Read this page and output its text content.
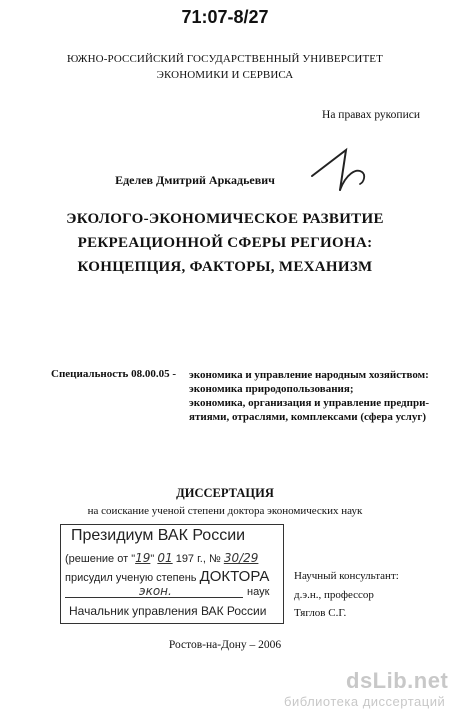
71:07-8/27
ЮЖНО-РОССИЙСКИЙ ГОСУДАРСТВЕННЫЙ УНИВЕРСИТЕТ
ЭКОНОМИКИ И СЕРВИСА
На правах рукописи
Еделев Дмитрий Аркадьевич
ЭКОЛОГО-ЭКОНОМИЧЕСКОЕ РАЗВИТИЕ
РЕКРЕАЦИОННОЙ СФЕРЫ РЕГИОНА:
КОНЦЕПЦИЯ, ФАКТОРЫ, МЕХАНИЗМ
Специальность 08.00.05 - экономика и управление народным хозяйством:
экономика природопользования;
экономика, организация и управление предпри-
ятиями, отраслями, комплексами (сфера услуг)
ДИССЕРТАЦИЯ
на соискание ученой степени доктора экономических наук
Президиум ВАК России
(решение от "19" 01 197 г., № 30/29
присудил ученую степень ДОКТОРА
экон.	наук
Начальник управления ВАК России
Научный консультант:
д.э.н., профессор
Тяглов С.Г.
Ростов-на-Дону – 2006
dsLib.net
библиотека диссертаций
